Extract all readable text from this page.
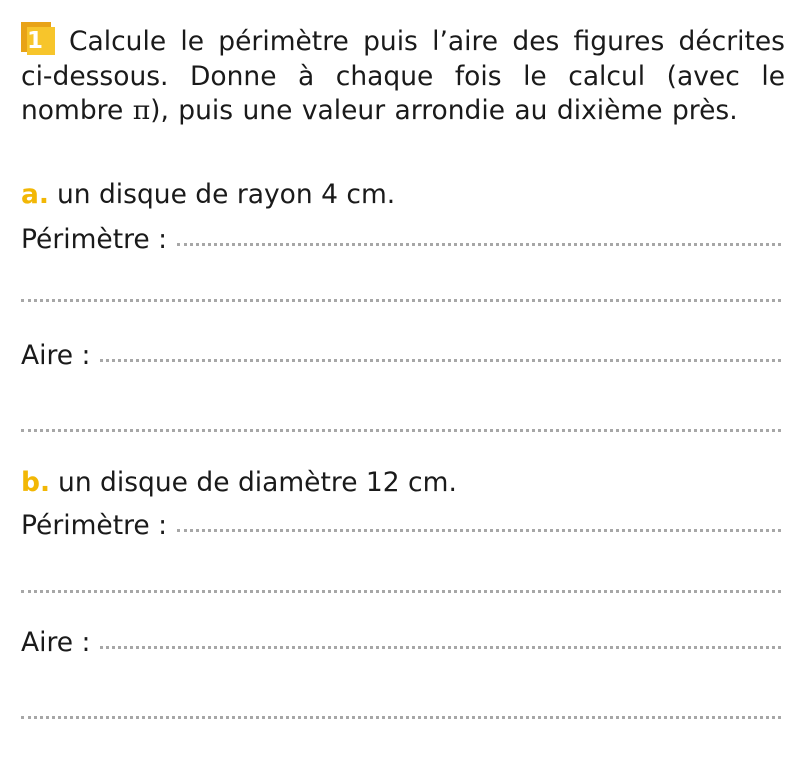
1 Calcule le périmètre puis l’aire des figures décrites ci-dessous. Donne à chaque fois le calcul (avec le nombre π), puis une valeur arrondie au dixième près.
a. un disque de rayon 4 cm.
Périmètre :
Aire :
b. un disque de diamètre 12 cm.
Périmètre :
Aire :
